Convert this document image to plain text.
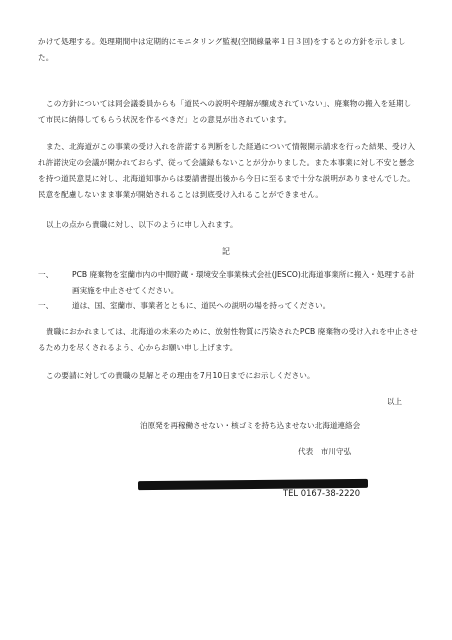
かけて処理する。処理期間中は定期的にモニタリング監視(空間線量率１日３回)をするとの方針を示しました。
この方針については同会議委員からも「道民への説明や理解が醸成されていない」、廃棄物の搬入を延期して市民に納得してもらう状況を作るべきだ」との意見が出されています。
また、北海道がこの事業の受け入れを許諾する判断をした経過について情報開示請求を行った結果、受け入れ許諾決定の会議が開かれておらず、従って会議録もないことが分かりました。また本事業に対し不安と懸念を持つ道民意見に対し、北海道知事からは要請書提出後から今日に至るまで十分な説明がありませんでした。民意を配慮しないまま事業が開始されることは到底受け入れることができません。
以上の点から貴職に対し、以下のように申し入れます。
記
一、 PCB 廃棄物を室蘭市内の中間貯蔵・環境安全事業株式会社(JESCO)北海道事業所に搬入・処理する計画実施を中止させてください。
一、 道は、国、室蘭市、事業者とともに、道民への説明の場を持ってください。
貴職におかれましては、北海道の未来のために、放射性物質に汚染されたPCB 廃棄物の受け入れを中止させるため力を尽くされるよう、心からお願い申し上げます。
この要請に対しての貴職の見解とその理由を7月10日までにお示しください。
以上
泊原発を再稼働させない・核ゴミを持ち込ませない北海道連絡会
代表　市川守弘
TEL 0167-38-2220
